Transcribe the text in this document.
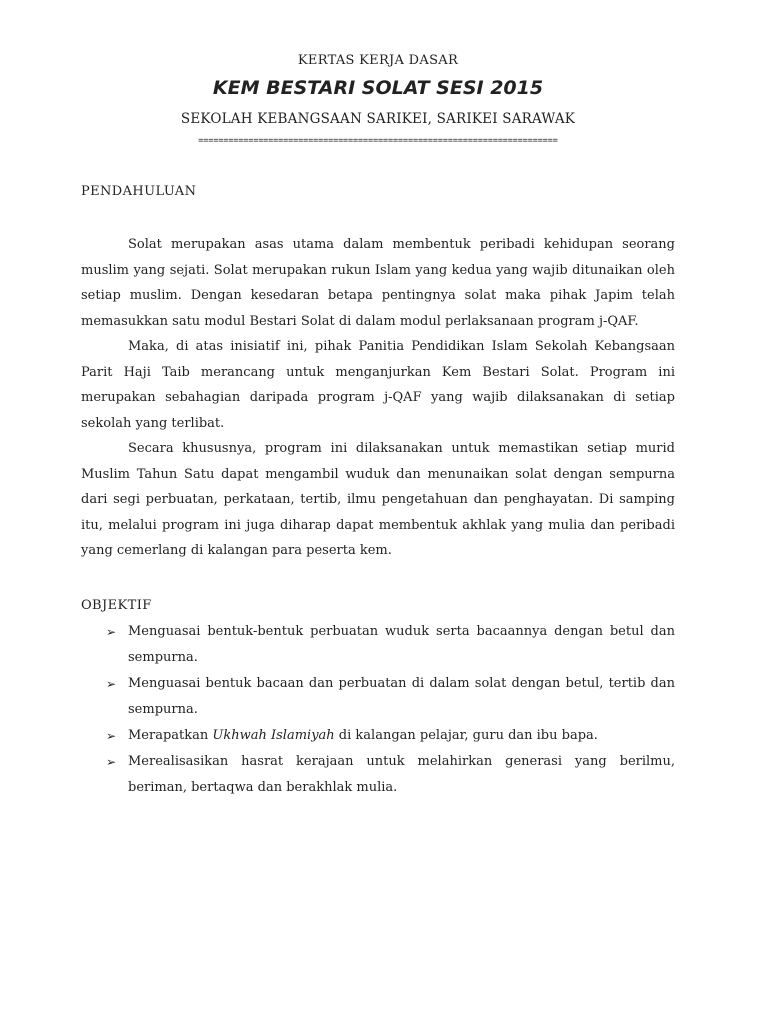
KERTAS KERJA DASAR

KEM BESTARI SOLAT SESI 2015

SEKOLAH KEBANGSAAN SARIKEI, SARIKEI SARAWAK

========================================================================

PENDAHULUAN

Solat merupakan asas utama dalam membentuk peribadi kehidupan seorang muslim yang sejati. Solat merupakan rukun Islam yang kedua yang wajib ditunaikan oleh setiap muslim. Dengan kesedaran betapa pentingnya solat maka pihak Japim telah memasukkan satu modul Bestari Solat di dalam modul perlaksanaan program j-QAF.

Maka, di atas inisiatif ini, pihak Panitia Pendidikan Islam Sekolah Kebangsaan Parit Haji Taib merancang untuk menganjurkan Kem Bestari Solat. Program ini merupakan sebahagian daripada program j-QAF yang wajib dilaksanakan di setiap sekolah yang terlibat.

Secara khususnya, program ini dilaksanakan untuk memastikan setiap murid Muslim Tahun Satu dapat mengambil wuduk dan menunaikan solat dengan sempurna dari segi perbuatan, perkataan, tertib, ilmu pengetahuan dan penghayatan. Di samping itu, melalui program ini juga diharap dapat membentuk akhlak yang mulia dan peribadi yang cemerlang di kalangan para peserta kem.

OBJEKTIF

➢ Menguasai bentuk-bentuk perbuatan wuduk serta bacaannya dengan betul dan sempurna.
➢ Menguasai bentuk bacaan dan perbuatan di dalam solat dengan betul, tertib dan sempurna.
➢ Merapatkan Ukhwah Islamiyah di kalangan pelajar, guru dan ibu bapa.
➢ Merealisasikan hasrat kerajaan untuk melahirkan generasi yang berilmu, beriman, bertaqwa dan berakhlak mulia.
